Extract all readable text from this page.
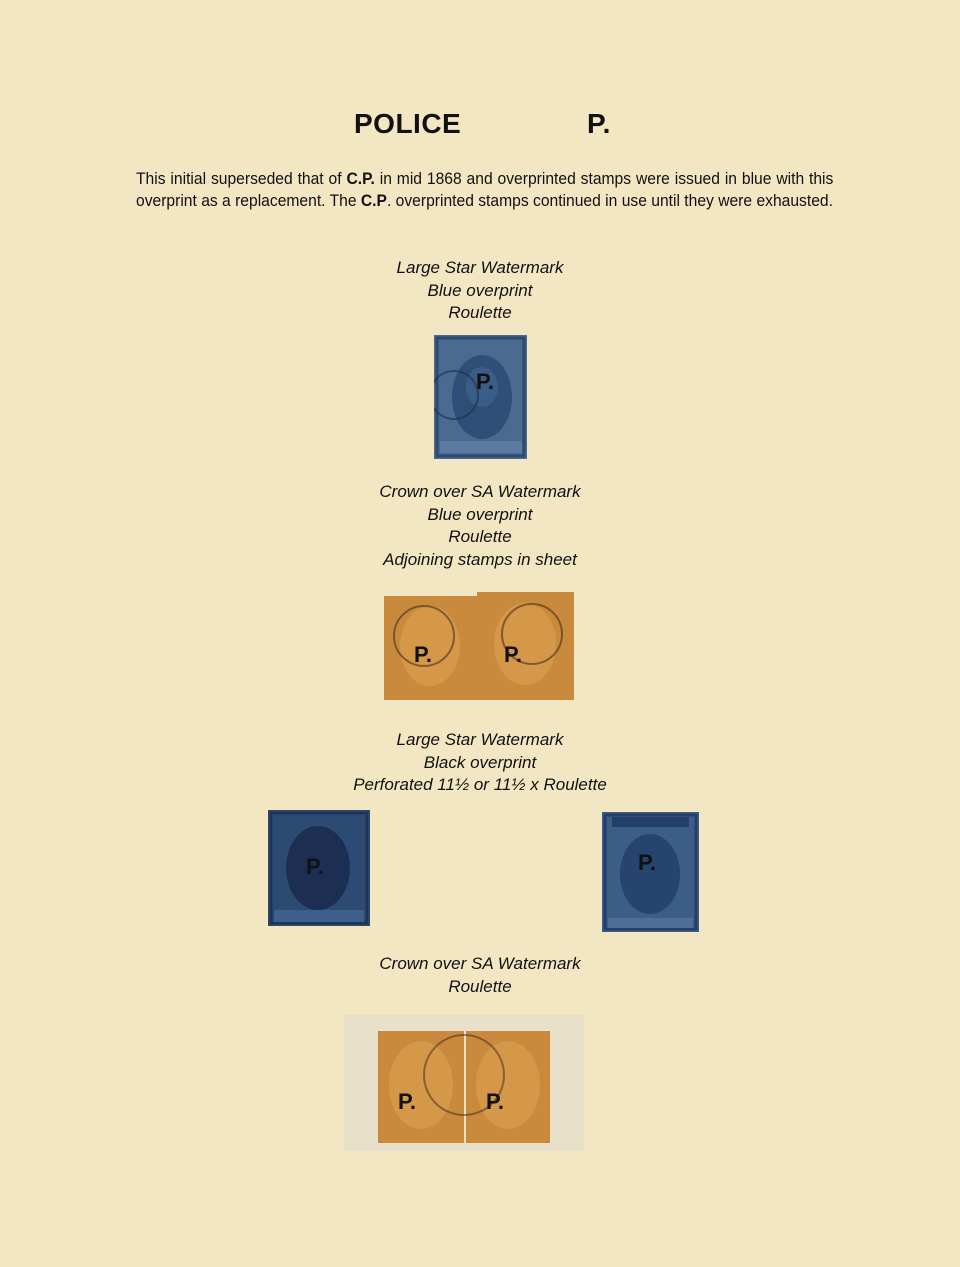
POLICE	P.
This initial superseded that of C.P. in mid 1868 and overprinted stamps were issued in blue with this overprint as a replacement. The C.P. overprinted stamps continued in use until they were exhausted.
Large Star Watermark
Blue overprint
Roulette
P.
Crown over SA Watermark
Blue overprint
Roulette
Adjoining stamps in sheet
P.	P.
Large Star Watermark
Black overprint
Perforated 11½ or 11½ x Roulette
P.	P.
Crown over SA Watermark
Roulette
P.	P.
